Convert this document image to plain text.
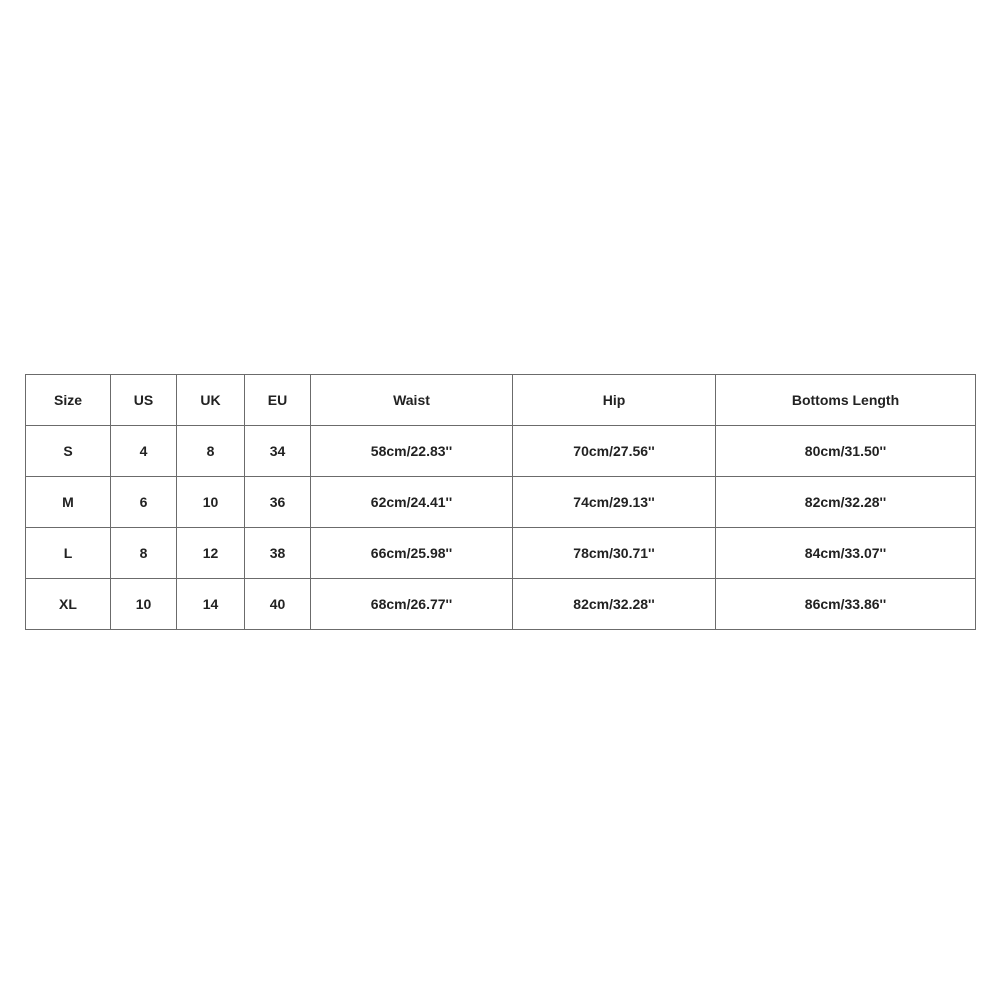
Size	US	UK	EU	Waist	Hip	Bottoms Length
S	4	8	34	58cm/22.83''	70cm/27.56''	80cm/31.50''
M	6	10	36	62cm/24.41''	74cm/29.13''	82cm/32.28''
L	8	12	38	66cm/25.98''	78cm/30.71''	84cm/33.07''
XL	10	14	40	68cm/26.77''	82cm/32.28''	86cm/33.86''
